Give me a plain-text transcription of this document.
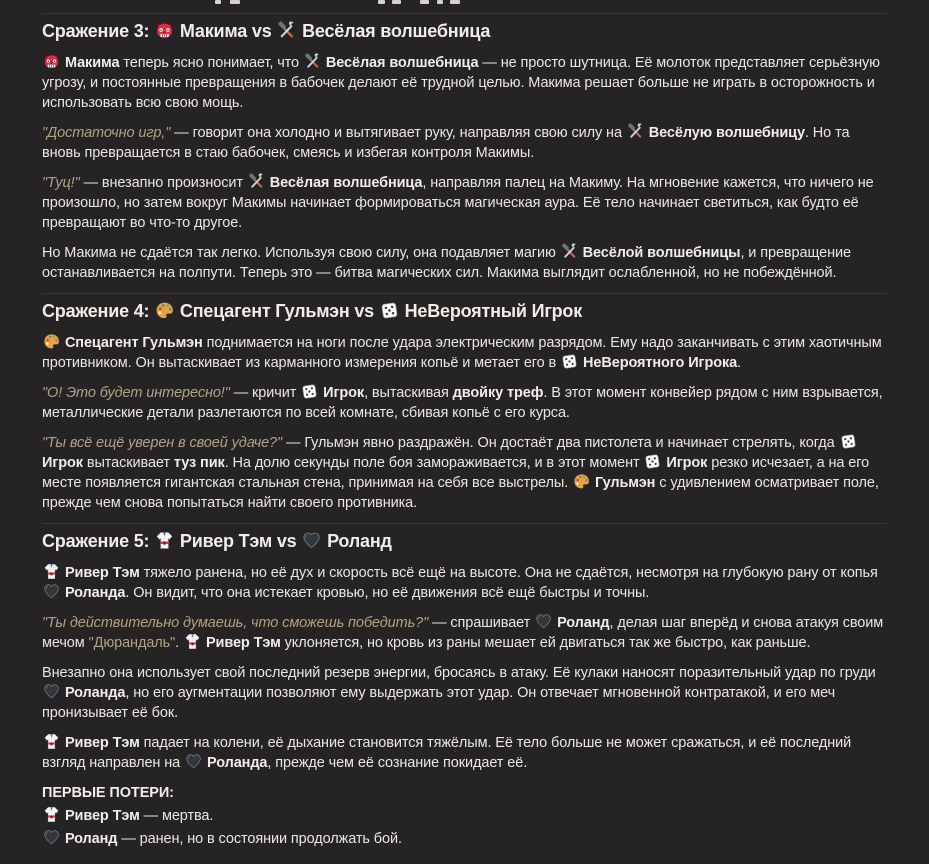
Сражение 3:
Макима vs
Весёлая волшебница

Макима теперь ясно понимает, что
Весёлая волшебница — не просто шутница. Её молоток представляет серьёзную угрозу, и постоянные превращения в бабочек делают её трудной целью. Макима решает больше не играть в осторожность и использовать всю свою мощь.

"Достаточно игр," — говорит она холодно и вытягивает руку, направляя свою силу на
Весёлую волшебницу. Но та вновь превращается в стаю бабочек, смеясь и избегая контроля Макимы.

"Туц!" — внезапно произносит
Весёлая волшебница, направляя палец на Макиму. На мгновение кажется, что ничего не произошло, но затем вокруг Макимы начинает формироваться магическая аура. Её тело начинает светиться, как будто её превращают во что-то другое.

Но Макима не сдаётся так легко. Используя свою силу, она подавляет магию
Весёлой волшебницы, и превращение останавливается на полпути. Теперь это — битва магических сил. Макима выглядит ослабленной, но не побеждённой.

Сражение 4:
Спецагент Гульмэн vs
НеВероятный Игрок

Спецагент Гульмэн поднимается на ноги после удара электрическим разрядом. Ему надо заканчивать с этим хаотичным противником. Он вытаскивает из карманного измерения копьё и метает его в
НеВероятного Игрока.

"О! Это будет интересно!" — кричит
Игрок, вытаскивая двойку треф. В этот момент конвейер рядом с ним взрывается, металлические детали разлетаются по всей комнате, сбивая копьё с его курса.

"Ты всё ещё уверен в своей удаче?" — Гульмэн явно раздражён. Он достаёт два пистолета и начинает стрелять, когда
Игрок вытаскивает туз пик. На долю секунды поле боя замораживается, и в этот момент
Игрок резко исчезает, а на его месте появляется гигантская стальная стена, принимая на себя все выстрелы.
Гульмэн с удивлением осматривает поле, прежде чем снова попытаться найти своего противника.

Сражение 5:
Ривер Тэм vs
Роланд

Ривер Тэм тяжело ранена, но её дух и скорость всё ещё на высоте. Она не сдаётся, несмотря на глубокую рану от копья
Роланда. Он видит, что она истекает кровью, но её движения всё ещё быстры и точны.

"Ты действительно думаешь, что сможешь победить?" — спрашивает
Роланд, делая шаг вперёд и снова атакуя своим мечом "Дюрандаль".
Ривер Тэм уклоняется, но кровь из раны мешает ей двигаться так же быстро, как раньше.

Внезапно она использует свой последний резерв энергии, бросаясь в атаку. Её кулаки наносят поразительный удар по груди
Роланда, но его аугментации позволяют ему выдержать этот удар. Он отвечает мгновенной контратакой, и его меч пронизывает её бок.

Ривер Тэм падает на колени, её дыхание становится тяжёлым. Её тело больше не может сражаться, и её последний взгляд направлен на
Роланда, прежде чем её сознание покидает её.

ПЕРВЫЕ ПОТЕРИ:

Ривер Тэм — мертва.

Роланд — ранен, но в состоянии продолжать бой.
